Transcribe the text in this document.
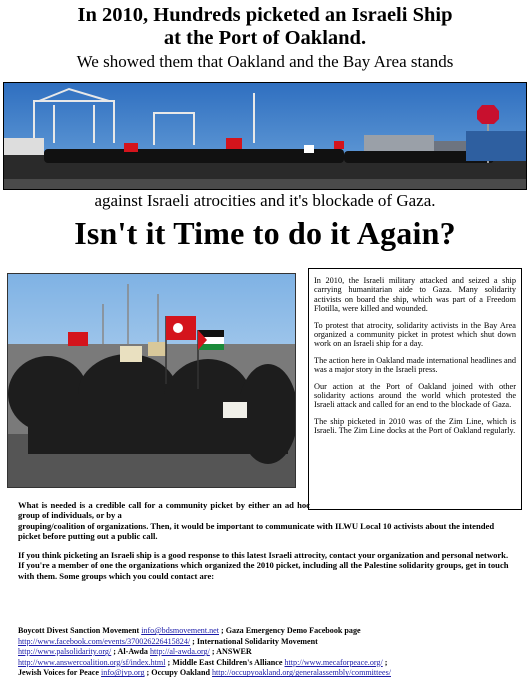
In 2010, Hundreds picketed an Israeli Ship
at the Port of Oakland.
We showed them that Oakland and the Bay Area stands
against Israeli atrocities and it's blockade of Gaza.
Isn't it Time to do it Again?

In 2010, the Israeli military attacked and seized a ship carrying humanitarian aide to Gaza. Many solidarity activists on board the ship, which was part of a Freedom Flotilla, were killed and wounded.

To protest that atrocity, solidarity activists in the Bay Area organized a community picket in protest which shut down work on an Israeli ship for a day.

The action here in Oakland made international headlines and was a major story in the Israeli press.

Our action at the Port of Oakland joined with other solidarity actions around the world which protested the Israeli attack and called for an end to the blockade of Gaza.

The ship picketed in 2010 was of the Zim Line, which is Israeli. The Zim Line docks at the Port of Oakland regularly.

What is needed is a credible call for a community picket by either an ad hoc group of individuals, or by a

grouping/coalition of organizations. Then, it would be important to communicate with ILWU Local 10 activists about the intended picket before putting out a public call.

If you think picketing an Israeli ship is a good response to this latest Israeli attrocity, contact your organization and personal network. If you're a member of one the organizations which organized the 2010 picket, including all the Palestine solidarity groups, get in touch with them. Some groups which you could contact are:

Boycott Divest Sanction Movement info@bdsmovement.net ; Gaza Emergency Demo Facebook page
http://www.facebook.com/events/370026226415824/ ; International Solidarity Movement
http://www.palsolidarity.org/ ; Al-Awda http://al-awda.org/ ; ANSWER
http://www.answercoalition.org/sf/index.html ; Middle East Children's Alliance http://www.mecaforpeace.org/ ;
Jewish Voices for Peace info@jvp.org ; Occupy Oakland http://occupyoakland.org/generalassembly/committees/
